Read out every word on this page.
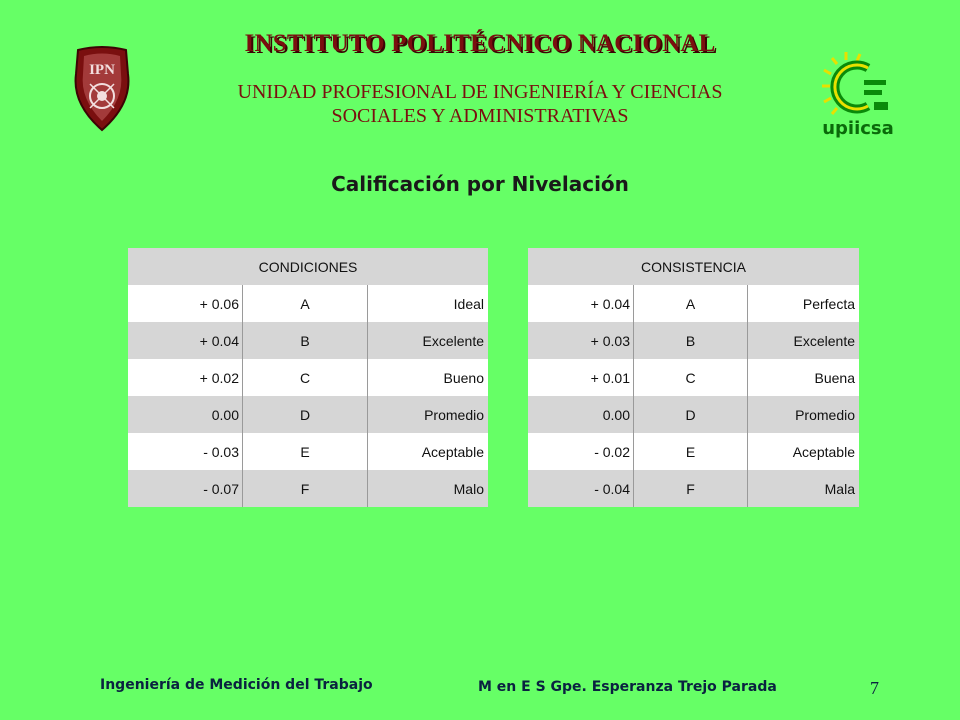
IPN
upiicsa
INSTITUTO POLITÉCNICO NACIONAL
UNIDAD PROFESIONAL DE INGENIERÍA Y CIENCIAS
SOCIALES Y ADMINISTRATIVAS
Calificación por Nivelación
CONDICIONES		
+ 0.06	A	Ideal
+ 0.04	B	Excelente
+ 0.02	C	Bueno
0.00	D	Promedio
- 0.03	E	Aceptable
- 0.07	F	Malo
CONSISTENCIA		
+ 0.04	A	Perfecta
+ 0.03	B	Excelente
+ 0.01	C	Buena
0.00	D	Promedio
- 0.02	E	Aceptable
- 0.04	F	Mala
Ingeniería de Medición del Trabajo	M en E S Gpe. Esperanza Trejo Parada	7
